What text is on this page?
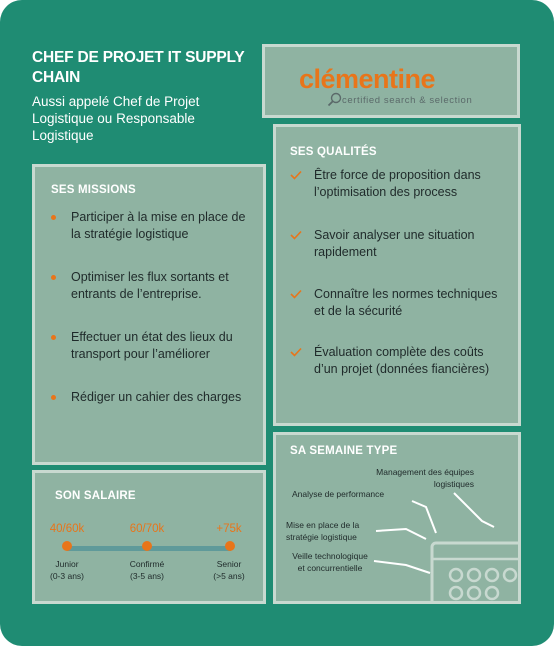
CHEF DE PROJET IT SUPPLY CHAIN
Aussi appelé Chef de Projet Logistique ou Responsable Logistique
clémentine
certified search & selection
SES MISSIONS
Participer à la mise en place de la stratégie logistique
Optimiser les flux sortants et entrants de l’entreprise.
Effectuer un état des lieux du transport pour l’améliorer
Rédiger un cahier des charges
SES QUALITÉS
Être force de proposition dans l’optimisation des process
Savoir analyser une situation rapidement
Connaître les normes techniques et de la sécurité
Évaluation complète des coûts d’un projet (données fiancières)
SON SALAIRE
40/60k
Junior
(0-3 ans)
60/70k
Confirmé
(3-5 ans)
+75k
Senior
(>5 ans)
SA SEMAINE TYPE
Management des équipes logistiques
Analyse de performance
Mise en place de la stratégie logistique
Veille technologique et concurrentielle
